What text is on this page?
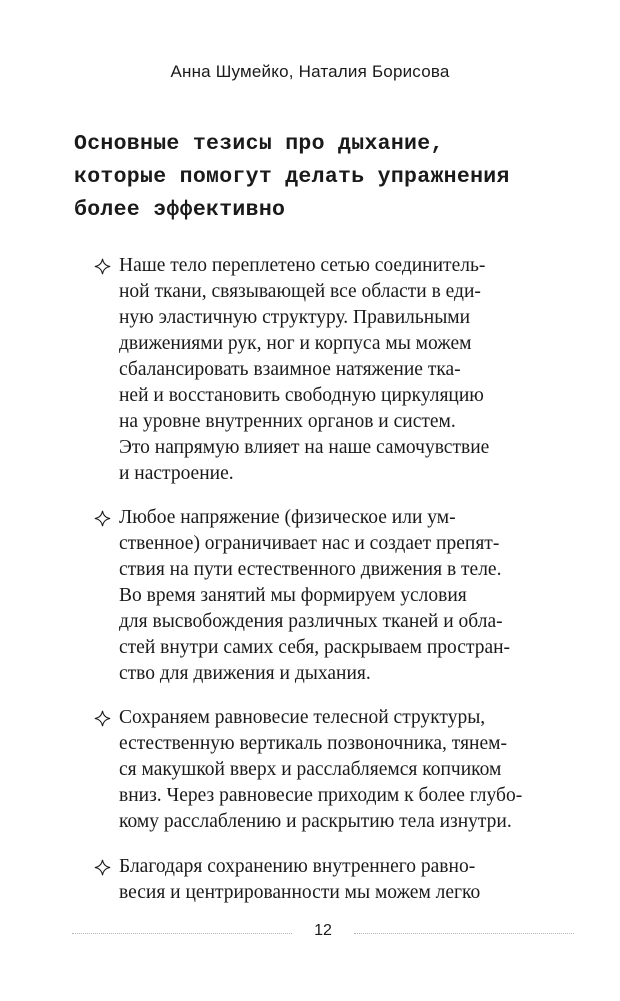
Анна Шумейко, Наталия Борисова
Основные тезисы про дыхание,
которые помогут делать упражнения
более эффективно
Наше тело переплетено сетью соединитель-
ной ткани, связывающей все области в еди-
ную эластичную структуру. Правильными
движениями рук, ног и корпуса мы можем
сбалансировать взаимное натяжение тка-
ней и восстановить свободную циркуляцию
на уровне внутренних органов и систем.
Это напрямую влияет на наше самочувствие
и настроение.
Любое напряжение (физическое или ум-
ственное) ограничивает нас и создает препят-
ствия на пути естественного движения в теле.
Во время занятий мы формируем условия
для высвобождения различных тканей и обла-
стей внутри самих себя, раскрываем простран-
ство для движения и дыхания.
Сохраняем равновесие телесной структуры,
естественную вертикаль позвоночника, тянем-
ся макушкой вверх и расслабляемся копчиком
вниз. Через равновесие приходим к более глубо-
кому расслаблению и раскрытию тела изнутри.
Благодаря сохранению внутреннего равно-
весия и центрированности мы можем легко
12
